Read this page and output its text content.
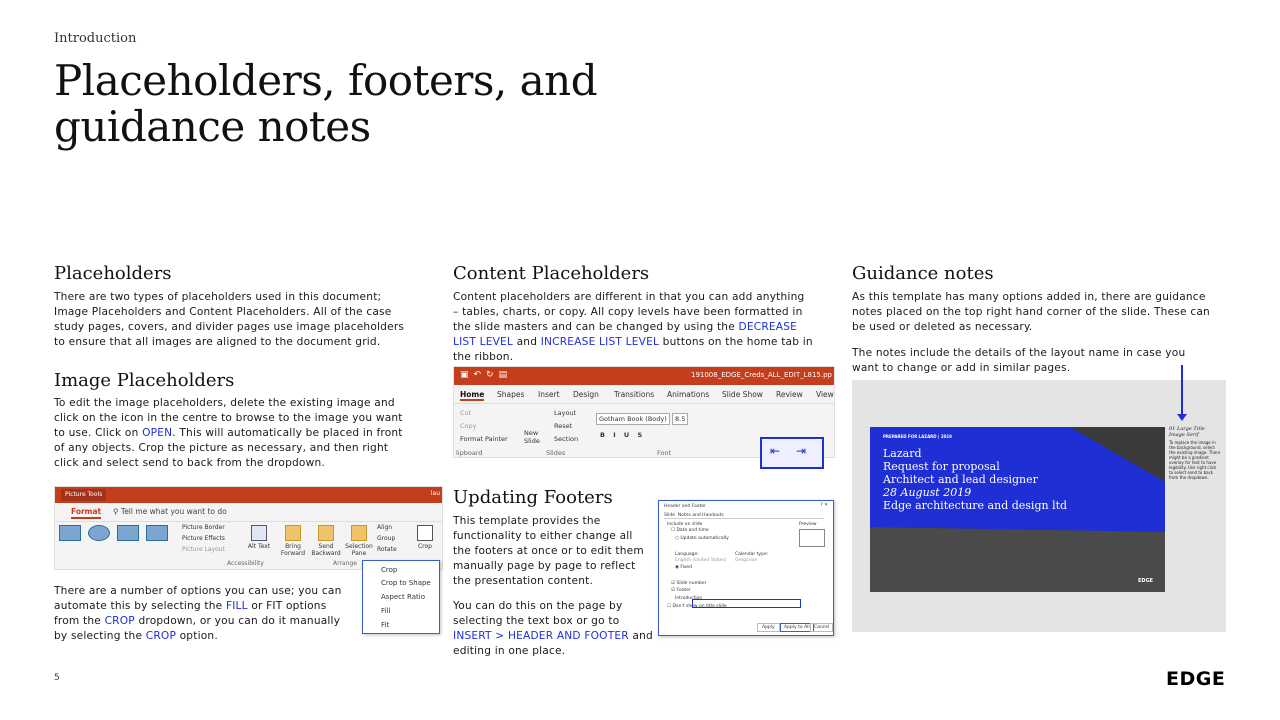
Introduction
Placeholders, footers, and
guidance notes
Placeholders
There are two types of placeholders used in this document; Image Placeholders and Content Placeholders. All of the case study pages, covers, and divider pages use image placeholders to ensure that all images are aligned to the document grid.
Image Placeholders
To edit the image placeholders, delete the existing image and click on the icon in the centre to browse to the image you want to use. Click on OPEN. This will automatically be placed in front of any objects. Crop the picture as necessary, and then right click and select send to back from the dropdown.
Picture Tools	lau
Format ⚲ Tell me what you want to do
Picture Border
Picture Effects
Picture Layout	Alt Text	Bring Forward
Send Backward
Selection Pane
Align
Group
Rotate	Crop
Accessibility	Arrange
Crop
Crop to Shape
Aspect Ratio
Fill
Fit
There are a number of options you can use; you can automate this by selecting the FILL or FIT options from the CROP dropdown, or you can do it manually by selecting the CROP option.
Content Placeholders
Content placeholders are different in that you can add anything – tables, charts, or copy. All copy levels have been formatted in the slide masters and can be changed by using the DECREASE LIST LEVEL and INCREASE LIST LEVEL buttons on the home tab in the ribbon.
▣↶↻▤	191008_EDGE_Creds_ALL_EDIT_L815.pp
Home Shapes Insert Design Transitions Animations Slide Show Review View
Cut
Copy
Format Painter
New Slide
Layout
Reset
Section
Gotham Book (Body)	8.5
B I U S
lipboard	Slides	Font	⇤ ⇥
Updating Footers
This template provides the functionality to either change all the footers at once or to edit them manually page by page to reflect the presentation content.
You can do this on the page by selecting the text box or go to INSERT > HEADER AND FOOTER and editing in one place.
Header and Footer	? ✕
Slide Notes and Handouts
Include on slide
☐ Date and time
○ Update automatically
Language:	Calendar type:
English (United States) Gregorian
◉ Fixed
☑ Slide number
☑ Footer
Introduction
☐ Don't show on title slide
Preview
Apply	Apply to All Cancel
Guidance notes
As this template has many options added in, there are guidance notes placed on the top right hand corner of the slide. These can be used or deleted as necessary.
The notes include the details of the layout name in case you want to change or add in similar pages.
PREPARED FOR LAZARD | 2019
Lazard
Request for proposal
Architect and lead designer
28 August 2019
Edge architecture and design ltd
EDGE
01 Large Title Image Serif
To replace the image in the background, select the existing image. There might be a gradient overlay for text to have legibility. Use right click to select send to back from the dropdown.
5	EDGE
